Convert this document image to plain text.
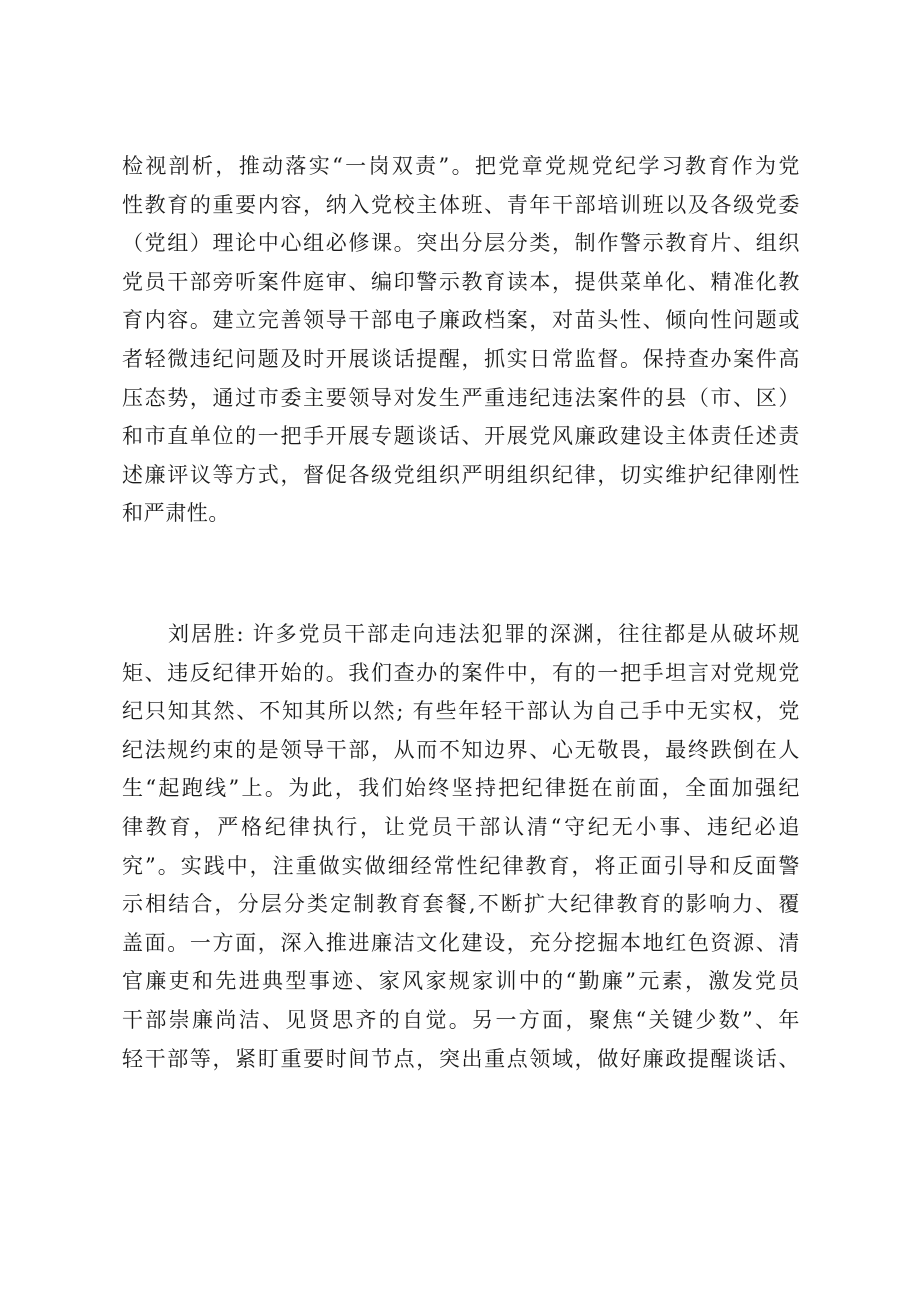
检视剖析，推动落实“一岗双责”。把党章党规党纪学习教育作为党
性教育的重要内容，纳入党校主体班、青年干部培训班以及各级党委
（党组）理论中心组必修课。突出分层分类，制作警示教育片、组织
党员干部旁听案件庭审、编印警示教育读本，提供菜单化、精准化教
育内容。建立完善领导干部电子廉政档案，对苗头性、倾向性问题或
者轻微违纪问题及时开展谈话提醒，抓实日常监督。保持查办案件高
压态势，通过市委主要领导对发生严重违纪违法案件的县（市、区）
和市直单位的一把手开展专题谈话、开展党风廉政建设主体责任述责
述廉评议等方式，督促各级党组织严明组织纪律，切实维护纪律刚性
和严肃性。
刘居胜: 许多党员干部走向违法犯罪的深渊，往往都是从破坏规
矩、违反纪律开始的。我们查办的案件中，有的一把手坦言对党规党
纪只知其然、不知其所以然; 有些年轻干部认为自己手中无实权，党
纪法规约束的是领导干部，从而不知边界、心无敬畏，最终跌倒在人
生“起跑线”上。为此，我们始终坚持把纪律挺在前面，全面加强纪
律教育，严格纪律执行，让党员干部认清“守纪无小事、违纪必追
究”。实践中，注重做实做细经常性纪律教育，将正面引导和反面警
示相结合，分层分类定制教育套餐,不断扩大纪律教育的影响力、覆
盖面。一方面，深入推进廉洁文化建设，充分挖掘本地红色资源、清
官廉吏和先进典型事迹、家风家规家训中的“勤廉”元素，激发党员
干部崇廉尚洁、见贤思齐的自觉。另一方面，聚焦“关键少数”、年
轻干部等，紧盯重要时间节点，突出重点领域，做好廉政提醒谈话、
